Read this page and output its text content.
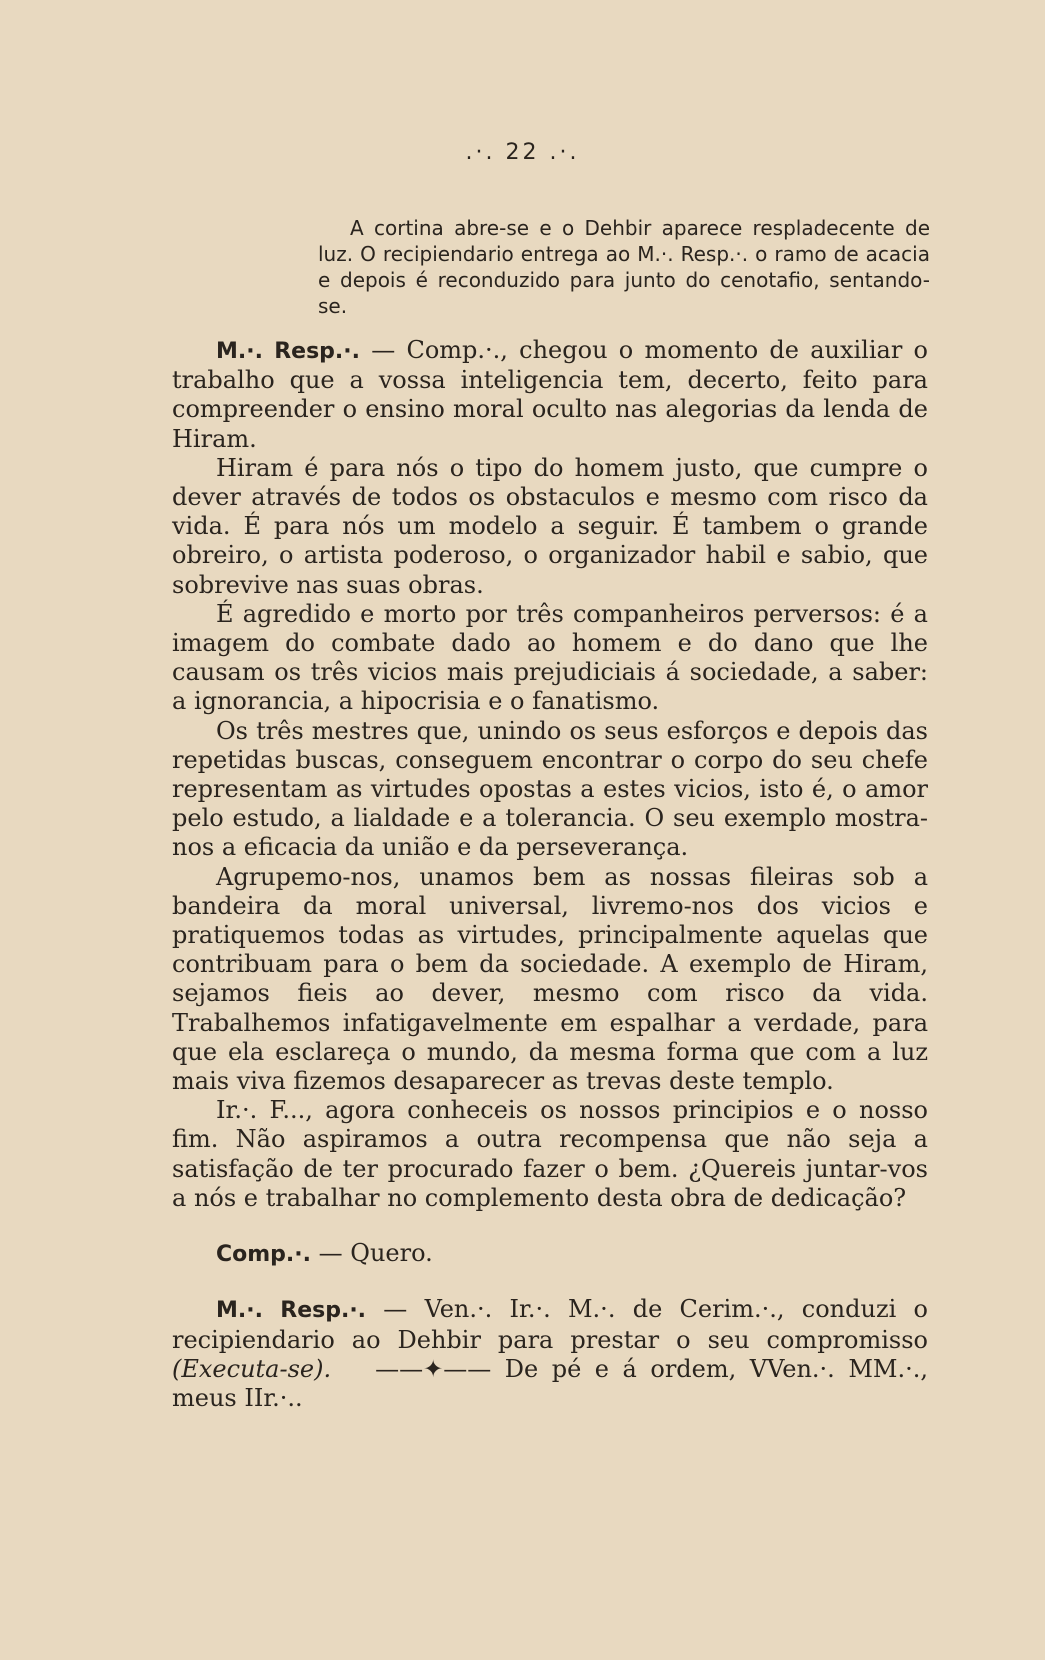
.·. 22 .·.

A cortina abre-se e o Dehbir aparece respladecente de luz. O recipiendario entrega ao M.·. Resp.·. o ramo de acacia e depois é reconduzido para junto do cenotafio, sentando-se.

M.·. Resp.·. — Comp.·., chegou o momento de auxiliar o trabalho que a vossa inteligencia tem, decerto, feito para compreender o ensino moral oculto nas alegorias da lenda de Hiram.

Hiram é para nós o tipo do homem justo, que cumpre o dever através de todos os obstaculos e mesmo com risco da vida. É para nós um modelo a seguir. É tambem o grande obreiro, o artista poderoso, o organizador habil e sabio, que sobrevive nas suas obras.

É agredido e morto por três companheiros perversos: é a imagem do combate dado ao homem e do dano que lhe causam os três vicios mais prejudiciais á sociedade, a saber: a ignorancia, a hipocrisia e o fanatismo.

Os três mestres que, unindo os seus esforços e depois das repetidas buscas, conseguem encontrar o corpo do seu chefe representam as virtudes opostas a estes vicios, isto é, o amor pelo estudo, a lialdade e a tolerancia. O seu exemplo mostra-nos a eficacia da união e da perseverança.

Agrupemo-nos, unamos bem as nossas fileiras sob a bandeira da moral universal, livremo-nos dos vicios e pratiquemos todas as virtudes, principalmente aquelas que contribuam para o bem da sociedade. A exemplo de Hiram, sejamos fieis ao dever, mesmo com risco da vida. Trabalhemos infatigavelmente em espalhar a verdade, para que ela esclareça o mundo, da mesma forma que com a luz mais viva fizemos desaparecer as trevas deste templo.

Ir.·. F..., agora conheceis os nossos principios e o nosso fim. Não aspiramos a outra recompensa que não seja a satisfação de ter procurado fazer o bem. ¿Quereis juntar-vos a nós e trabalhar no complemento desta obra de dedicação?

Comp.·. — Quero.

M.·. Resp.·. — Ven.·. Ir.·. M.·. de Cerim.·., conduzi o recipiendario ao Dehbir para prestar o seu compromisso (Executa-se). ——✦—— De pé e á ordem, VVen.·. MM.·., meus IIr.·..
